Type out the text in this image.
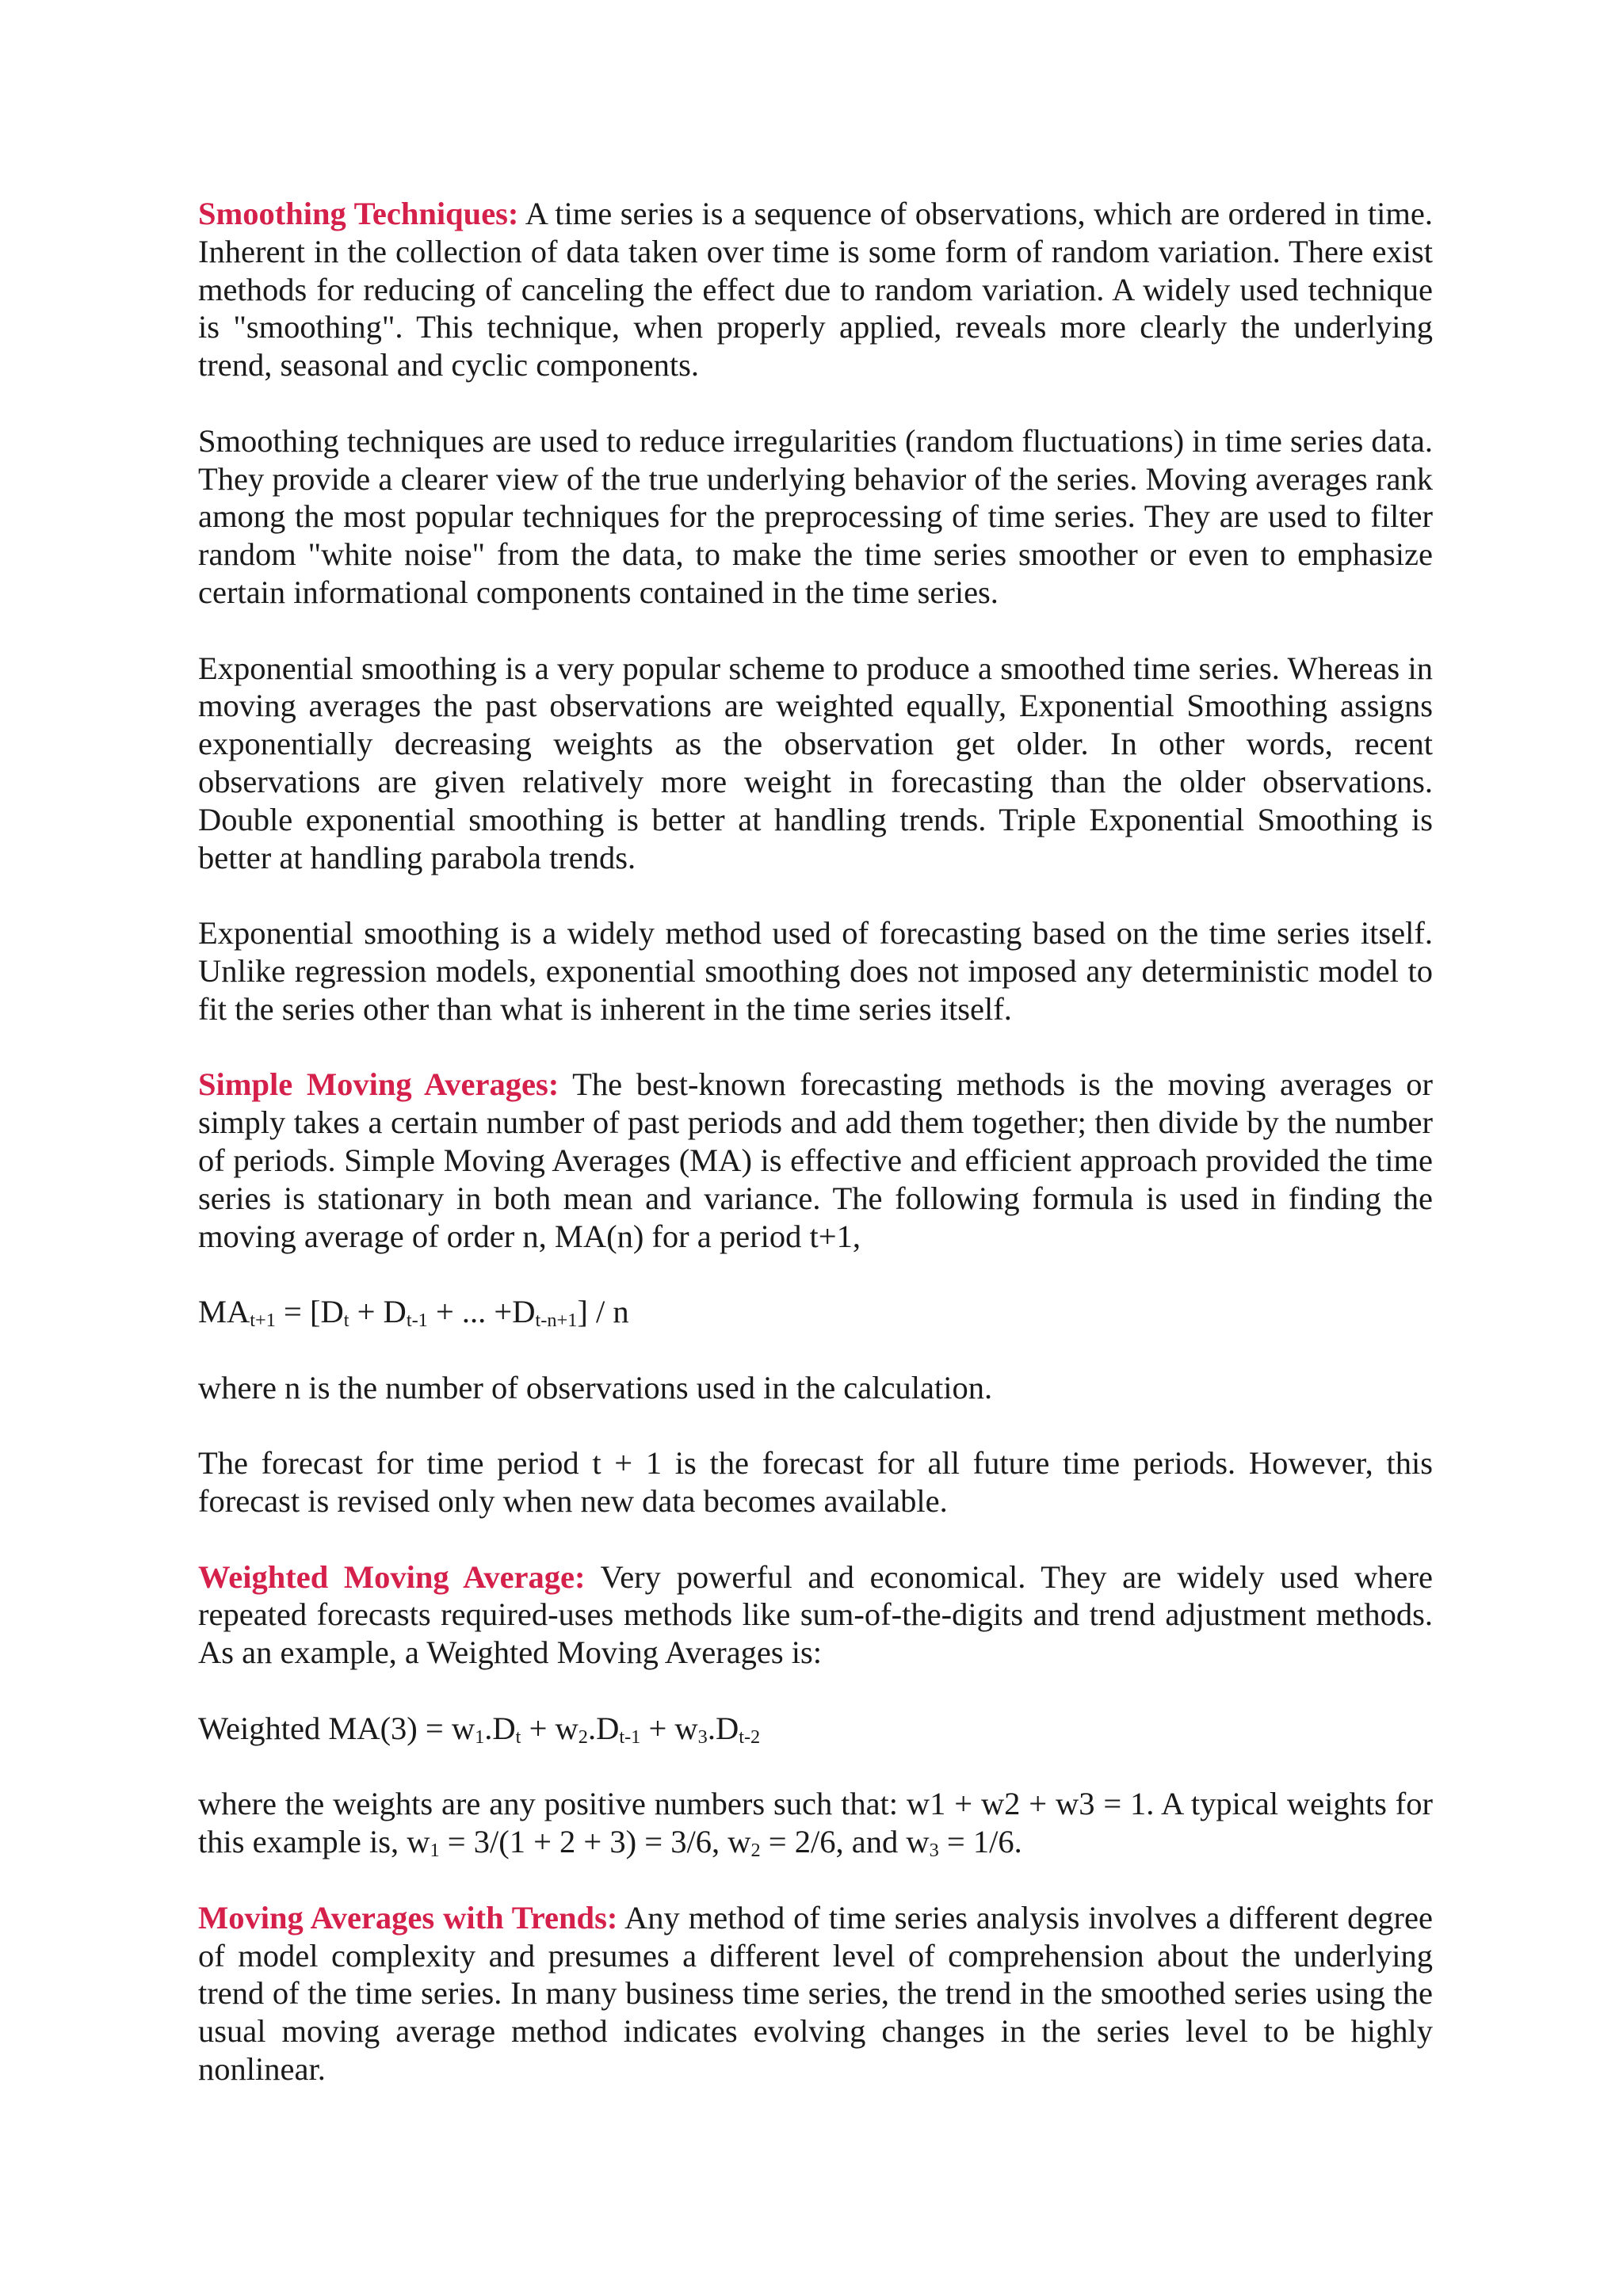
Smoothing Techniques: A time series is a sequence of observations, which are ordered in time. Inherent in the collection of data taken over time is some form of random variation. There exist methods for reducing of canceling the effect due to random variation. A widely used technique is "smoothing". This technique, when properly applied, reveals more clearly the underlying trend, seasonal and cyclic components.

Smoothing techniques are used to reduce irregularities (random fluctuations) in time series data. They provide a clearer view of the true underlying behavior of the series. Moving averages rank among the most popular techniques for the preprocessing of time series. They are used to filter random "white noise" from the data, to make the time series smoother or even to emphasize certain informational components contained in the time series.

Exponential smoothing is a very popular scheme to produce a smoothed time series. Whereas in moving averages the past observations are weighted equally, Exponential Smoothing assigns exponentially decreasing weights as the observation get older. In other words, recent observations are given relatively more weight in forecasting than the older observations. Double exponential smoothing is better at handling trends. Triple Exponential Smoothing is better at handling parabola trends.

Exponential smoothing is a widely method used of forecasting based on the time series itself. Unlike regression models, exponential smoothing does not imposed any deterministic model to fit the series other than what is inherent in the time series itself.

Simple Moving Averages: The best-known forecasting methods is the moving averages or simply takes a certain number of past periods and add them together; then divide by the number of periods. Simple Moving Averages (MA) is effective and efficient approach provided the time series is stationary in both mean and variance. The following formula is used in finding the moving average of order n, MA(n) for a period t+1,

$MA_{t+1} = [D_t + D_{t-1}$ + ... $+D_{t-n+1}] / n$

where n is the number of observations used in the calculation.

The forecast for time period t + 1 is the forecast for all future time periods. However, this forecast is revised only when new data becomes available.

Weighted Moving Average: Very powerful and economical. They are widely used where repeated forecasts required-uses methods like sum-of-the-digits and trend adjustment methods. As an example, a Weighted Moving Averages is:

Weighted $MA(3) = w_1.D_t + w_2.D_{t-1} + w_3.D_{t-2}$

where the weights are any positive numbers such that: w1 + w2 + w3 = 1. A typical weights for this example is, $w_1 = 3/(1 + 2 + 3) = 3/6$, $w_2 = 2/6$, and $w_3 = 1/6$.

Moving Averages with Trends: Any method of time series analysis involves a different degree of model complexity and presumes a different level of comprehension about the underlying trend of the time series. In many business time series, the trend in the smoothed series using the usual moving average method indicates evolving changes in the series level to be highly nonlinear.
